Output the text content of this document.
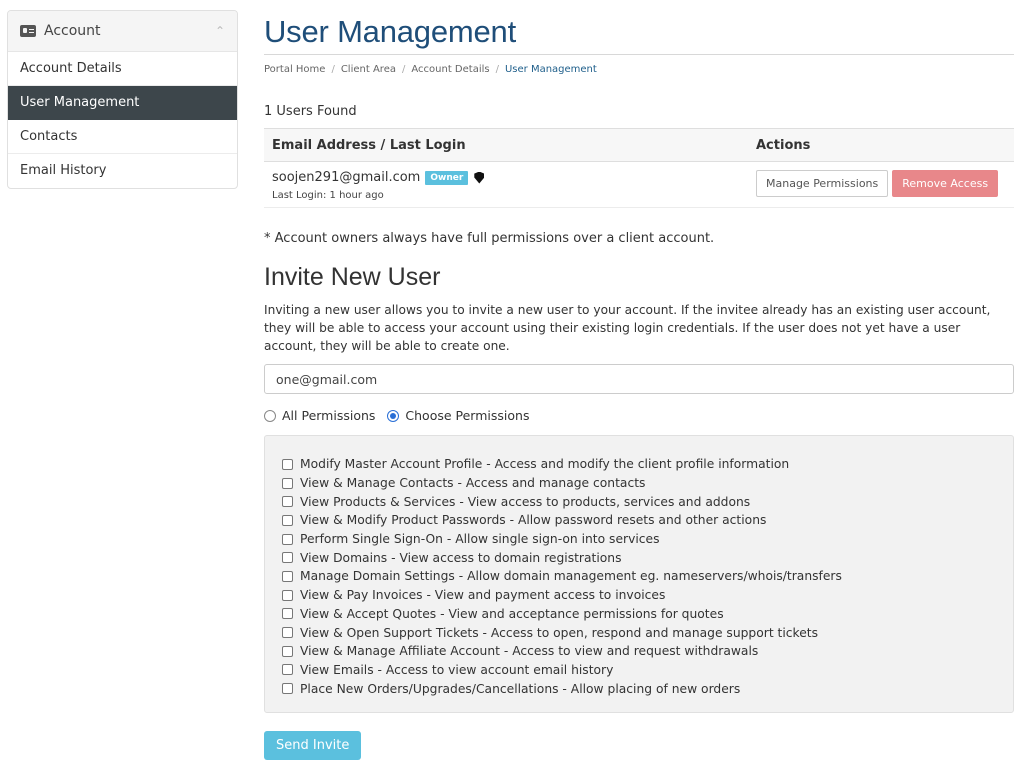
Account	⌃
Account Details
User Management
Contacts
Email History
User Management
Portal Home / Client Area / Account Details / User Management
1 Users Found
Email Address / Last Login	Actions

soojen291@gmail.com Owner
Last Login: 1 hour ago	Manage Permissions Remove Access
* Account owners always have full permissions over a client account.
Invite New User

Inviting a new user allows you to invite a new user to your account. If the invitee already has an existing user account, they will be able to access your account using their existing login credentials. If the user does not yet have a user account, they will be able to create one.

one@gmail.com
All Permissions Choose Permissions
Modify Master Account Profile - Access and modify the client profile information
View & Manage Contacts - Access and manage contacts
View Products & Services - View access to products, services and addons
View & Modify Product Passwords - Allow password resets and other actions
Perform Single Sign-On - Allow single sign-on into services
View Domains - View access to domain registrations
Manage Domain Settings - Allow domain management eg. nameservers/whois/transfers
View & Pay Invoices - View and payment access to invoices
View & Accept Quotes - View and acceptance permissions for quotes
View & Open Support Tickets - Access to open, respond and manage support tickets
View & Manage Affiliate Account - Access to view and request withdrawals
View Emails - Access to view account email history
Place New Orders/Upgrades/Cancellations - Allow placing of new orders
Send Invite
